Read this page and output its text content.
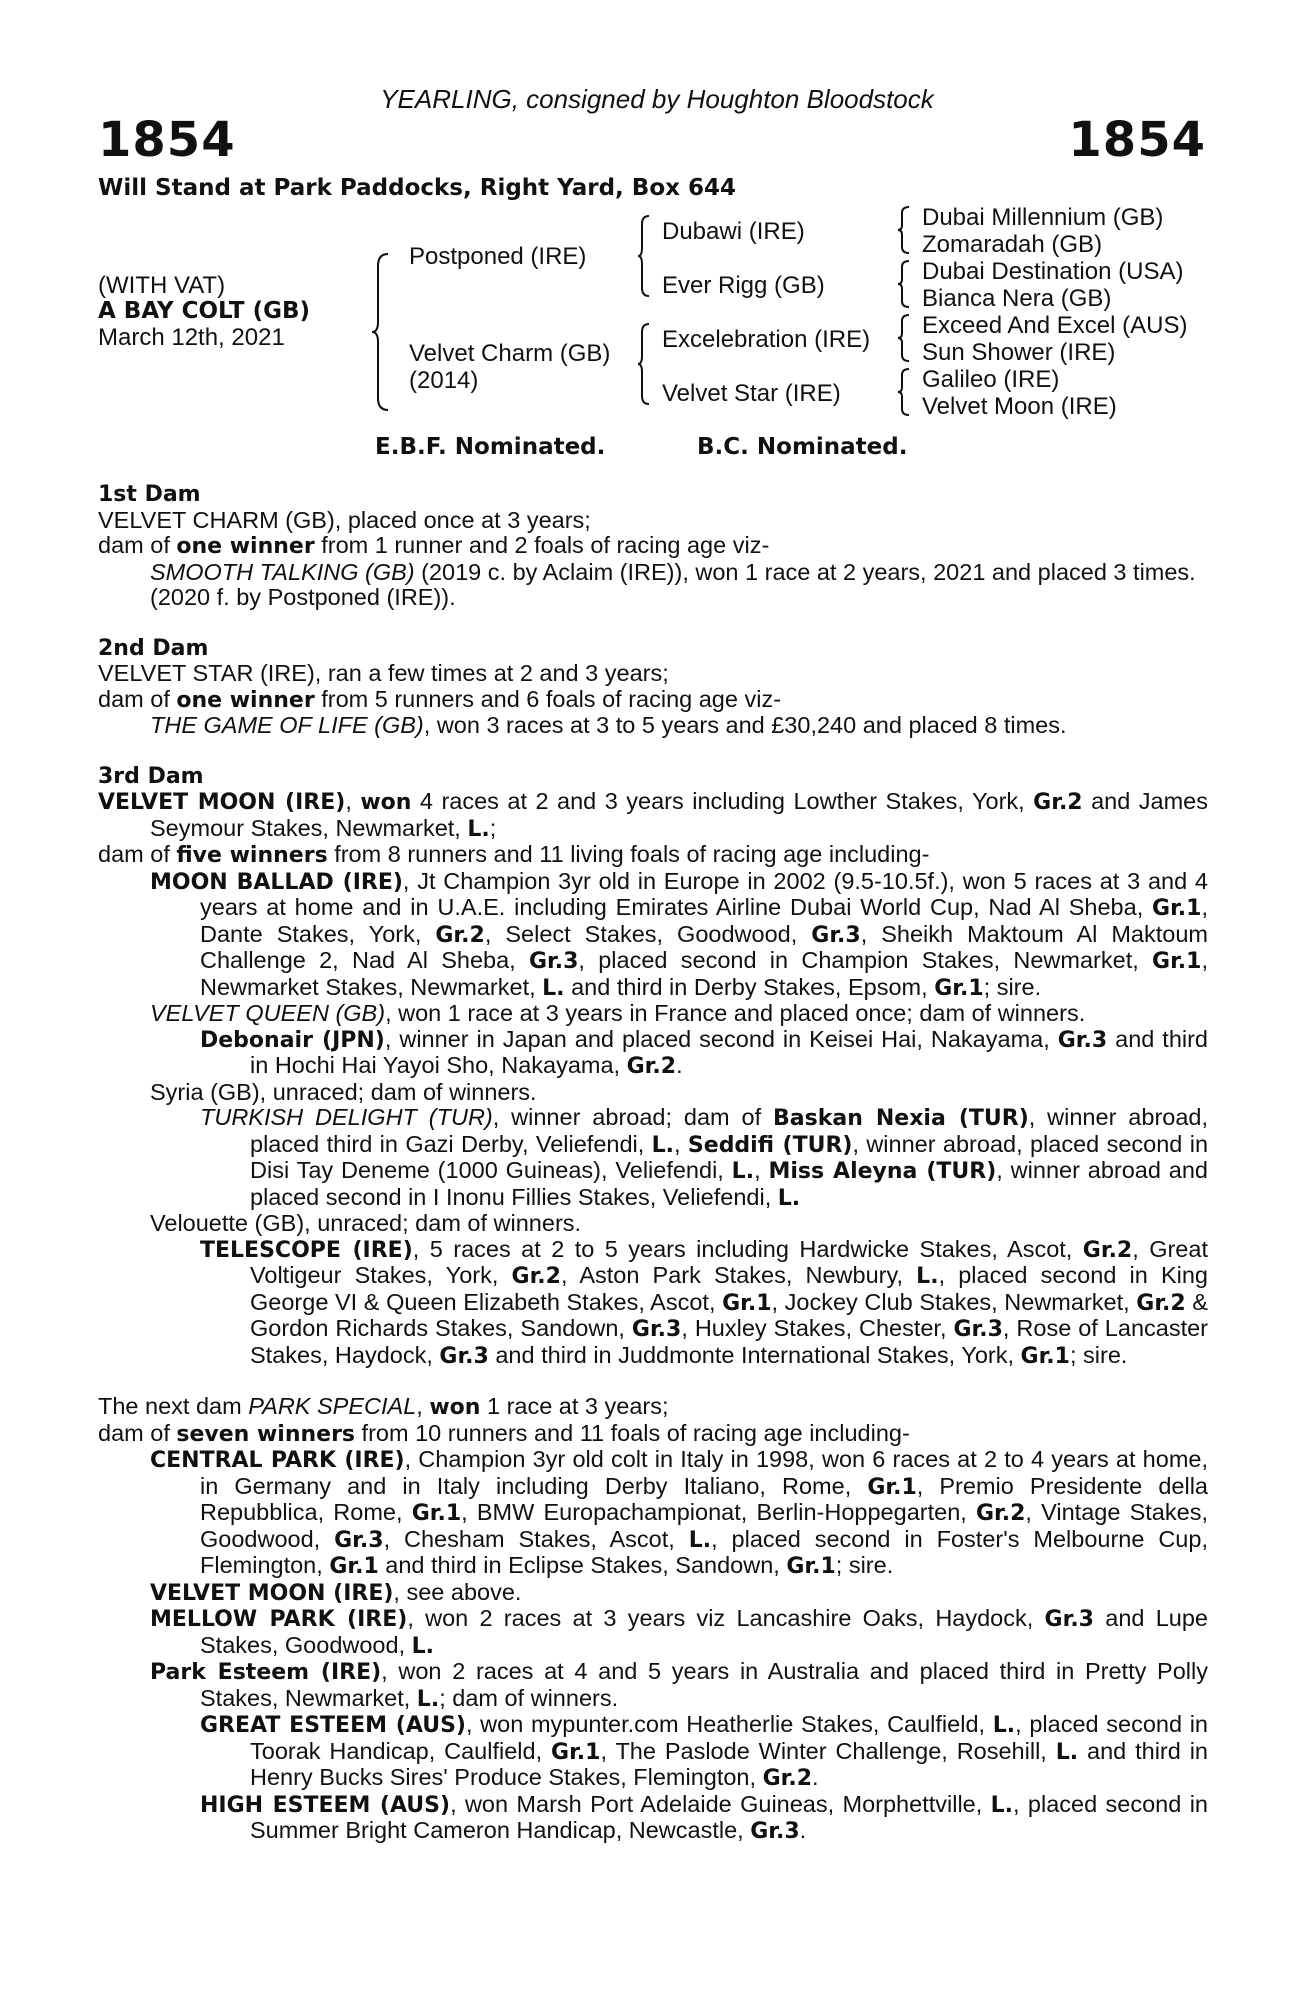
YEARLING, consigned by Houghton Bloodstock
1854	1854
Will Stand at Park Paddocks, Right Yard, Box 644
(WITH VAT)
A BAY COLT (GB)
March 12th, 2021
Postponed (IRE)
Velvet Charm (GB)
(2014)
Dubawi (IRE)
Ever Rigg (GB)
Excelebration (IRE)
Velvet Star (IRE)
Dubai Millennium (GB)
Zomaradah (GB)
Dubai Destination (USA)
Bianca Nera (GB)
Exceed And Excel (AUS)
Sun Shower (IRE)
Galileo (IRE)
Velvet Moon (IRE)
E.B.F. Nominated.	B.C. Nominated.

1st Dam

VELVET CHARM (GB), placed once at 3 years;

dam of one winner from 1 runner and 2 foals of racing age viz-

SMOOTH TALKING (GB) (2019 c. by Aclaim (IRE)), won 1 race at 2 years, 2021 and placed 3 times.

(2020 f. by Postponed (IRE)).

2nd Dam

VELVET STAR (IRE), ran a few times at 2 and 3 years;

dam of one winner from 5 runners and 6 foals of racing age viz-

THE GAME OF LIFE (GB), won 3 races at 3 to 5 years and £30,240 and placed 8 times.

3rd Dam

VELVET MOON (IRE), won 4 races at 2 and 3 years including Lowther Stakes, York, Gr.2 and James Seymour Stakes, Newmarket, L.;

dam of five winners from 8 runners and 11 living foals of racing age including-

MOON BALLAD (IRE), Jt Champion 3yr old in Europe in 2002 (9.5-10.5f.), won 5 races at 3 and 4 years at home and in U.A.E. including Emirates Airline Dubai World Cup, Nad Al Sheba, Gr.1, Dante Stakes, York, Gr.2, Select Stakes, Goodwood, Gr.3, Sheikh Maktoum Al Maktoum Challenge 2, Nad Al Sheba, Gr.3, placed second in Champion Stakes, Newmarket, Gr.1, Newmarket Stakes, Newmarket, L. and third in Derby Stakes, Epsom, Gr.1; sire.

VELVET QUEEN (GB), won 1 race at 3 years in France and placed once; dam of winners.

Debonair (JPN), winner in Japan and placed second in Keisei Hai, Nakayama, Gr.3 and third in Hochi Hai Yayoi Sho, Nakayama, Gr.2.

Syria (GB), unraced; dam of winners.

TURKISH DELIGHT (TUR), winner abroad; dam of Baskan Nexia (TUR), winner abroad, placed third in Gazi Derby, Veliefendi, L., Seddifi (TUR), winner abroad, placed second in Disi Tay Deneme (1000 Guineas), Veliefendi, L., Miss Aleyna (TUR), winner abroad and placed second in I Inonu Fillies Stakes, Veliefendi, L.

Velouette (GB), unraced; dam of winners.

TELESCOPE (IRE), 5 races at 2 to 5 years including Hardwicke Stakes, Ascot, Gr.2, Great Voltigeur Stakes, York, Gr.2, Aston Park Stakes, Newbury, L., placed second in King George VI & Queen Elizabeth Stakes, Ascot, Gr.1, Jockey Club Stakes, Newmarket, Gr.2 & Gordon Richards Stakes, Sandown, Gr.3, Huxley Stakes, Chester, Gr.3, Rose of Lancaster Stakes, Haydock, Gr.3 and third in Juddmonte International Stakes, York, Gr.1; sire.

The next dam PARK SPECIAL, won 1 race at 3 years;

dam of seven winners from 10 runners and 11 foals of racing age including-

CENTRAL PARK (IRE), Champion 3yr old colt in Italy in 1998, won 6 races at 2 to 4 years at home, in Germany and in Italy including Derby Italiano, Rome, Gr.1, Premio Presidente della Repubblica, Rome, Gr.1, BMW Europachampionat, Berlin-Hoppegarten, Gr.2, Vintage Stakes, Goodwood, Gr.3, Chesham Stakes, Ascot, L., placed second in Foster's Melbourne Cup, Flemington, Gr.1 and third in Eclipse Stakes, Sandown, Gr.1; sire.

VELVET MOON (IRE), see above.

MELLOW PARK (IRE), won 2 races at 3 years viz Lancashire Oaks, Haydock, Gr.3 and Lupe Stakes, Goodwood, L.

Park Esteem (IRE), won 2 races at 4 and 5 years in Australia and placed third in Pretty Polly Stakes, Newmarket, L.; dam of winners.

GREAT ESTEEM (AUS), won mypunter.com Heatherlie Stakes, Caulfield, L., placed second in Toorak Handicap, Caulfield, Gr.1, The Paslode Winter Challenge, Rosehill, L. and third in Henry Bucks Sires' Produce Stakes, Flemington, Gr.2.

HIGH ESTEEM (AUS), won Marsh Port Adelaide Guineas, Morphettville, L., placed second in Summer Bright Cameron Handicap, Newcastle, Gr.3.
